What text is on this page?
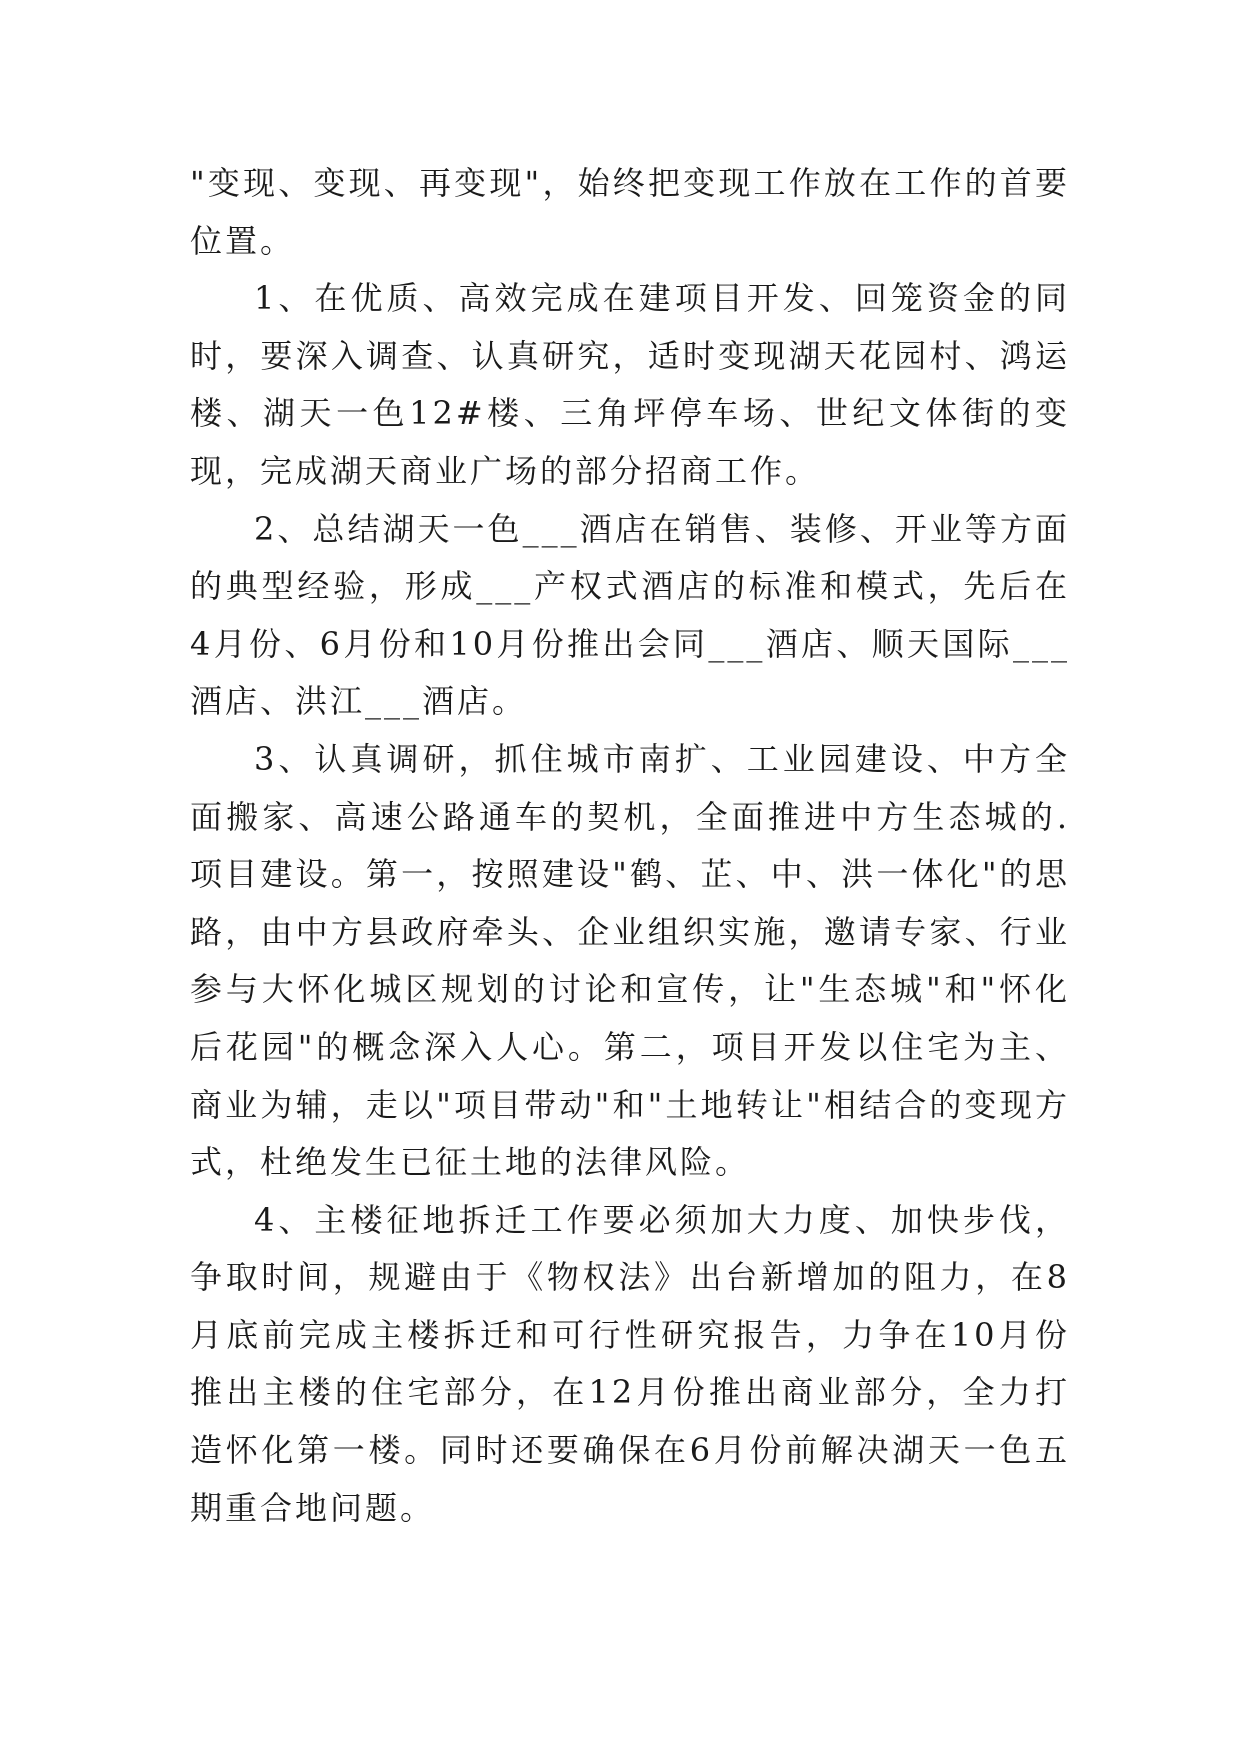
"变现、变现、再变现"，始终把变现工作放在工作的首要位置。

1、在优质、高效完成在建项目开发、回笼资金的同时，要深入调查、认真研究，适时变现湖天花园村、鸿运楼、湖天一色12#楼、三角坪停车场、世纪文体街的变现，完成湖天商业广场的部分招商工作。

2、总结湖天一色___酒店在销售、装修、开业等方面的典型经验，形成___产权式酒店的标准和模式，先后在4月份、6月份和10月份推出会同___酒店、顺天国际___酒店、洪江___酒店。

3、认真调研，抓住城市南扩、工业园建设、中方全面搬家、高速公路通车的契机，全面推进中方生态城的.项目建设。第一，按照建设"鹤、芷、中、洪一体化"的思路，由中方县政府牵头、企业组织实施，邀请专家、行业参与大怀化城区规划的讨论和宣传，让"生态城"和"怀化后花园"的概念深入人心。第二，项目开发以住宅为主、商业为辅，走以"项目带动"和"土地转让"相结合的变现方式，杜绝发生已征土地的法律风险。

4、主楼征地拆迁工作要必须加大力度、加快步伐，争取时间，规避由于《物权法》出台新增加的阻力，在8月底前完成主楼拆迁和可行性研究报告，力争在10月份推出主楼的住宅部分，在12月份推出商业部分，全力打造怀化第一楼。同时还要确保在6月份前解决湖天一色五期重合地问题。
